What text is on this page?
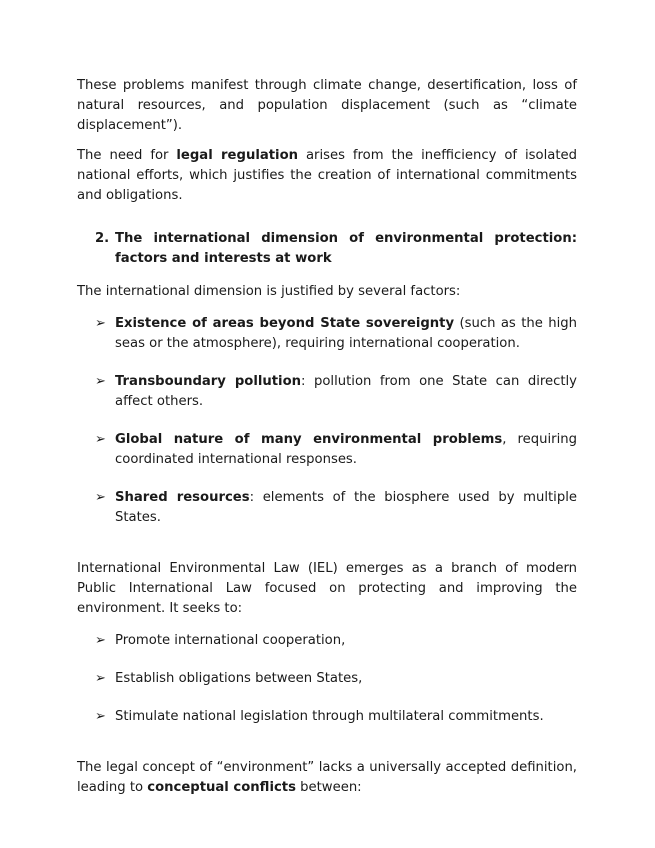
These problems manifest through climate change, desertification, loss of natural resources, and population displacement (such as “climate displacement”).

The need for legal regulation arises from the inefficiency of isolated national efforts, which justifies the creation of international commitments and obligations.

2. The international dimension of environmental protection: factors and interests at work

The international dimension is justified by several factors:

➢ Existence of areas beyond State sovereignty (such as the high seas or the atmosphere), requiring international cooperation.
➢ Transboundary pollution: pollution from one State can directly affect others.
➢ Global nature of many environmental problems, requiring coordinated international responses.
➢ Shared resources: elements of the biosphere used by multiple States.

International Environmental Law (IEL) emerges as a branch of modern Public International Law focused on protecting and improving the environment. It seeks to:

➢ Promote international cooperation,
➢ Establish obligations between States,
➢ Stimulate national legislation through multilateral commitments.

The legal concept of “environment” lacks a universally accepted definition, leading to conceptual conflicts between:
